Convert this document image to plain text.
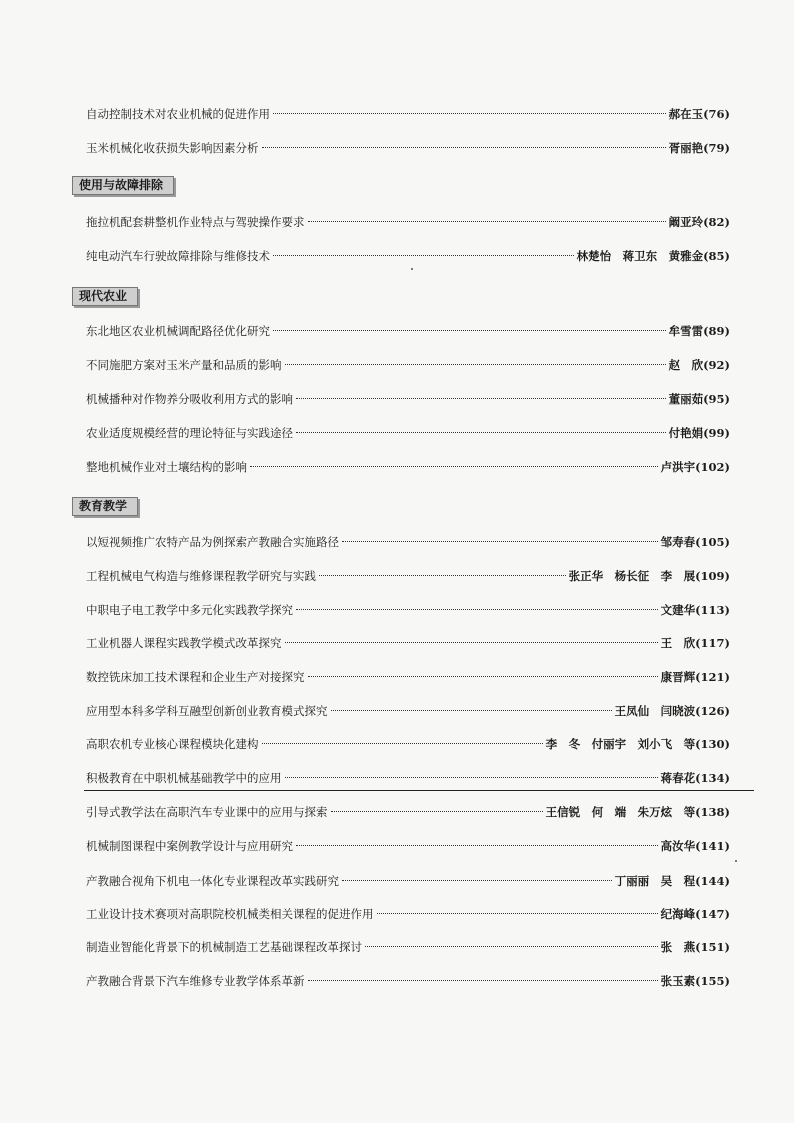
自动控制技术对农业机械的促进作用	郝在玉(76)
玉米机械化收获损失影响因素分析	胥丽艳(79)
使用与故障排除
拖拉机配套耕整机作业特点与驾驶操作要求	阚亚玲(82)
纯电动汽车行驶故障排除与维修技术	林楚怡　蒋卫东　黄雅金(85)
现代农业
东北地区农业机械调配路径优化研究	牟雪雷(89)
不同施肥方案对玉米产量和品质的影响	赵　欣(92)
机械播种对作物养分吸收利用方式的影响	董丽茹(95)
农业适度规模经营的理论特征与实践途径	付艳娟(99)
整地机械作业对土壤结构的影响	卢洪宇(102)
教育教学
以短视频推广农特产品为例探索产教融合实施路径	邹寿春(105)
工程机械电气构造与维修课程教学研究与实践	张正华　杨长征　李　展(109)
中职电子电工教学中多元化实践教学探究	文建华(113)
工业机器人课程实践教学模式改革探究	王　欣(117)
数控铣床加工技术课程和企业生产对接探究	康晋辉(121)
应用型本科多学科互融型创新创业教育模式探究	王凤仙　闫晓波(126)
高职农机专业核心课程模块化建构	李　冬　付丽宇　刘小飞　等(130)
积极教育在中职机械基础教学中的应用	蒋春花(134)
引导式教学法在高职汽车专业课中的应用与探索	王信锐　何　端　朱万炫　等(138)
机械制图课程中案例教学设计与应用研究	高汝华(141)
产教融合视角下机电一体化专业课程改革实践研究	丁丽丽　吴　程(144)
工业设计技术赛项对高职院校机械类相关课程的促进作用	纪海峰(147)
制造业智能化背景下的机械制造工艺基础课程改革探讨	张　燕(151)
产教融合背景下汽车维修专业教学体系革新	张玉素(155)
